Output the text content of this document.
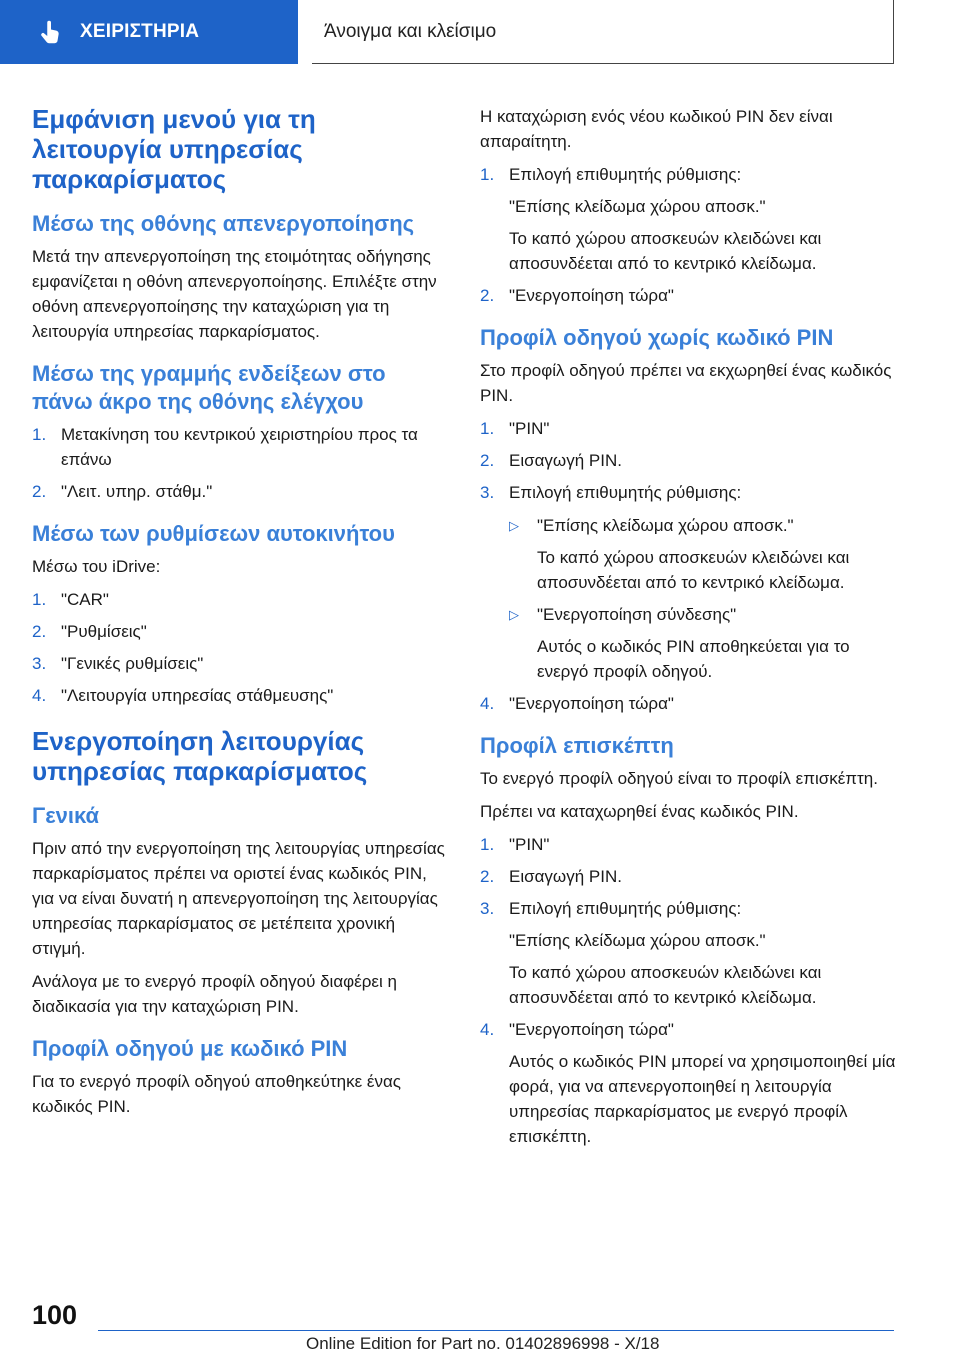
ΧΕΙΡΙΣΤΗΡΙΑ	Άνοιγμα και κλείσιμο
Εμφάνιση μενού για τη λειτουργία υπηρεσίας παρκαρίσματος
Μέσω της οθόνης απενεργοποίησης

Μετά την απενεργοποίηση της ετοιμότητας οδήγησης εμφανίζεται η οθόνη απενεργοποίησης. Επιλέξτε στην οθόνη απενεργοποίησης την καταχώριση για τη λειτουργία υπηρεσίας παρκαρίσματος.

Μέσω της γραμμής ενδείξεων στο πάνω άκρο της οθόνης ελέγχου
1. Μετακίνηση του κεντρικού χειριστηρίου προς τα επάνω
2. "Λειτ. υπηρ. στάθμ."
Μέσω των ρυθμίσεων αυτοκινήτου

Μέσω του iDrive:

1. "CAR"
2. "Ρυθμίσεις"
3. "Γενικές ρυθμίσεις"
4. "Λειτουργία υπηρεσίας στάθμευσης"
Ενεργοποίηση λειτουργίας υπηρεσίας παρκαρίσματος
Γενικά

Πριν από την ενεργοποίηση της λειτουργίας υπηρεσίας παρκαρίσματος πρέπει να οριστεί ένας κωδικός PIN, για να είναι δυνατή η απενεργοποίηση της λειτουργίας υπηρεσίας παρκαρίσματος σε μετέπειτα χρονική στιγμή.

Ανάλογα με το ενεργό προφίλ οδηγού διαφέρει η διαδικασία για την καταχώριση PIN.

Προφίλ οδηγού με κωδικό PIN

Για το ενεργό προφίλ οδηγού αποθηκεύτηκε ένας κωδικός PIN.

Η καταχώριση ενός νέου κωδικού PIN δεν είναι απαραίτητη.

1. Επιλογή επιθυμητής ρύθμισης:
"Επίσης κλείδωμα χώρου αποσκ."
Το καπό χώρου αποσκευών κλειδώνει και αποσυνδέεται από το κεντρικό κλείδωμα.
2. "Ενεργοποίηση τώρα"
Προφίλ οδηγού χωρίς κωδικό PIN

Στο προφίλ οδηγού πρέπει να εκχωρηθεί ένας κωδικός PIN.

1. "PIN"
2. Εισαγωγή PIN.
3. Επιλογή επιθυμητής ρύθμισης:
▷ "Επίσης κλείδωμα χώρου αποσκ."
Το καπό χώρου αποσκευών κλειδώνει και αποσυνδέεται από το κεντρικό κλείδωμα.
▷ "Ενεργοποίηση σύνδεσης"
Αυτός ο κωδικός PIN αποθηκεύεται για το ενεργό προφίλ οδηγού.
4. "Ενεργοποίηση τώρα"
Προφίλ επισκέπτη

Το ενεργό προφίλ οδηγού είναι το προφίλ επισκέπτη.

Πρέπει να καταχωρηθεί ένας κωδικός PIN.

1. "PIN"
2. Εισαγωγή PIN.
3. Επιλογή επιθυμητής ρύθμισης:
"Επίσης κλείδωμα χώρου αποσκ."
Το καπό χώρου αποσκευών κλειδώνει και αποσυνδέεται από το κεντρικό κλείδωμα.
4. "Ενεργοποίηση τώρα"
Αυτός ο κωδικός PIN μπορεί να χρησιμοποιηθεί μία φορά, για να απενεργοποιηθεί η λειτουργία υπηρεσίας παρκαρίσματος με ενεργό προφίλ επισκέπτη.
100
Online Edition for Part no. 01402896998 - X/18
